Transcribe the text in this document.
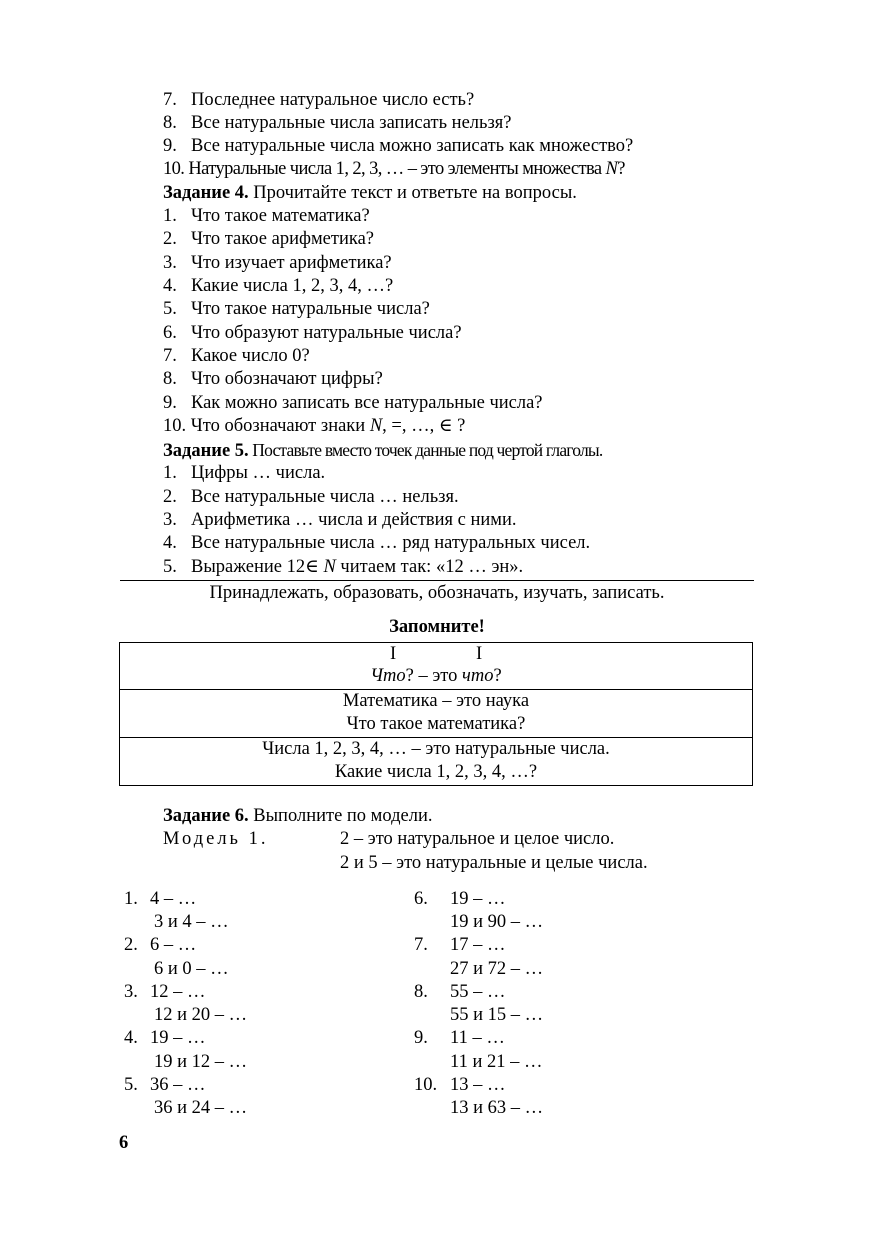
7. Последнее натуральное число есть?
8. Все натуральные числа записать нельзя?
9. Все натуральные числа можно записать как множество?
10. Натуральные числа 1, 2, 3, … – это элементы множества N?
Задание 4. Прочитайте текст и ответьте на вопросы.
1. Что такое математика?
2. Что такое арифметика?
3. Что изучает арифметика?
4. Какие числа 1, 2, 3, 4, …?
5. Что такое натуральные числа?
6. Что образуют натуральные числа?
7. Какое число 0?
8. Что обозначают цифры?
9. Как можно записать все натуральные числа?
10. Что обозначают знаки N, =, …, ∈ ?
Задание 5. Поставьте вместо точек данные под чертой глаголы.
1. Цифры … числа.
2. Все натуральные числа … нельзя.
3. Арифметика … числа и действия с ними.
4. Все натуральные числа … ряд натуральных чисел.
5. Выражение 12∈ N читаем так: «12 … эн».
Принадлежать, образовать, обозначать, изучать, записать.
Запомните!
I	I
Что? – это что?
Математика – это наука
Что такое математика?
Числа 1, 2, 3, 4, … – это натуральные числа.
Какие числа 1, 2, 3, 4, …?
Задание 6. Выполните по модели.
Модель 1.	2 – это натуральное и целое число.
2 и 5 – это натуральные и целые числа.
1. 4 – …
3 и 4 – …
2. 6 – …
6 и 0 – …
3. 12 – …
12 и 20 – …
4. 19 – …
19 и 12 – …
5. 36 – …
36 и 24 – …
6. 19 – …
19 и 90 – …
7. 17 – …
27 и 72 – …
8. 55 – …
55 и 15 – …
9. 11 – …
11 и 21 – …
10. 13 – …
13 и 63 – …
6
